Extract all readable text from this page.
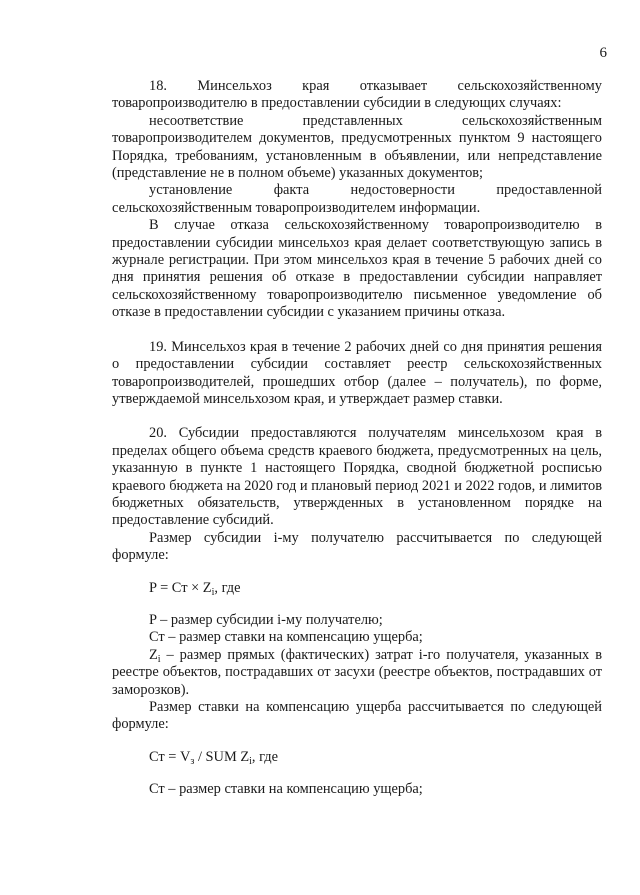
6

18. Минсельхоз края отказывает сельскохозяйственному товаропроизводителю в предоставлении субсидии в следующих случаях:

несоответствие представленных сельскохозяйственным товаропроизводителем документов, предусмотренных пунктом 9 настоящего Порядка, требованиям, установленным в объявлении, или непредставление (представление не в полном объеме) указанных документов;

установление факта недостоверности предоставленной сельскохозяйственным товаропроизводителем информации.

В случае отказа сельскохозяйственному товаропроизводителю в предоставлении субсидии минсельхоз края делает соответствующую запись в журнале регистрации. При этом минсельхоз края в течение 5 рабочих дней со дня принятия решения об отказе в предоставлении субсидии направляет сельскохозяйственному товаропроизводителю письменное уведомление об отказе в предоставлении субсидии с указанием причины отказа.

19. Минсельхоз края в течение 2 рабочих дней со дня принятия решения о предоставлении субсидии составляет реестр сельскохозяйственных товаропроизводителей, прошедших отбор (далее – получатель), по форме, утверждаемой минсельхозом края, и утверждает размер ставки.

20. Субсидии предоставляются получателям минсельхозом края в пределах общего объема средств краевого бюджета, предусмотренных на цель, указанную в пункте 1 настоящего Порядка, сводной бюджетной росписью краевого бюджета на 2020 год и плановый период 2021 и 2022 годов, и лимитов бюджетных обязательств, утвержденных в установленном порядке на предоставление субсидий.

Размер субсидии i-му получателю рассчитывается по следующей формуле:

P = Ст × $Z_i$, где

P – размер субсидии i-му получателю;

Ст – размер ставки на компенсацию ущерба;

$Z_i$ – размер прямых (фактических) затрат i-го получателя, указанных в реестре объектов, пострадавших от засухи (реестре объектов, пострадавших от заморозков).

Размер ставки на компенсацию ущерба рассчитывается по следующей формуле:

Ст = $V_з$ / SUM $Z_i$, где

Ст – размер ставки на компенсацию ущерба;
